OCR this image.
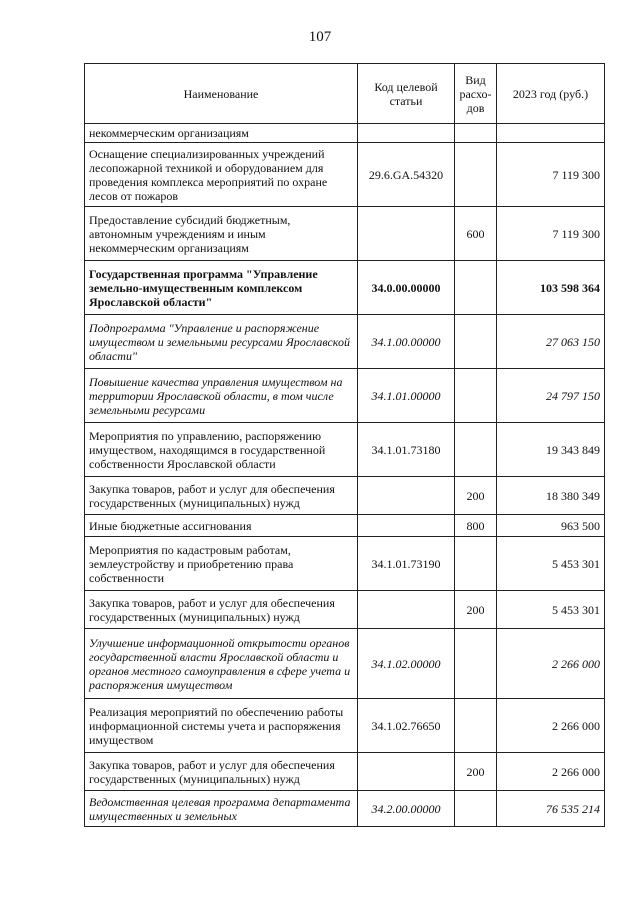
107
Наименование	Код целевой статьи	Вид расхо-дов	2023 год (руб.)
некоммерческим организациям			
Оснащение специализированных учреждений лесопожарной техникой и оборудованием для проведения комплекса мероприятий по охране лесов от пожаров	29.6.GA.54320		7 119 300
Предоставление субсидий бюджетным, автономным учреждениям и иным некоммерческим организациям		600	7 119 300
Государственная программа "Управление земельно-имущественным комплексом Ярославской области"	34.0.00.00000		103 598 364
Подпрограмма "Управление и распоряжение имуществом и земельными ресурсами Ярославской области"	34.1.00.00000		27 063 150
Повышение качества управления имуществом на территории Ярославской области, в том числе земельными ресурсами	34.1.01.00000		24 797 150
Мероприятия по управлению, распоряжению имуществом, находящимся в государственной собственности Ярославской области	34.1.01.73180		19 343 849
Закупка товаров, работ и услуг для обеспечения государственных (муниципальных) нужд		200	18 380 349
Иные бюджетные ассигнования		800	963 500
Мероприятия по кадастровым работам, землеустройству и приобретению права собственности	34.1.01.73190		5 453 301
Закупка товаров, работ и услуг для обеспечения государственных (муниципальных) нужд		200	5 453 301
Улучшение информационной открытости органов государственной власти Ярославской области и органов местного самоуправления в сфере учета и распоряжения имуществом	34.1.02.00000		2 266 000
Реализация мероприятий по обеспечению работы информационной системы учета и распоряжения имуществом	34.1.02.76650		2 266 000
Закупка товаров, работ и услуг для обеспечения государственных (муниципальных) нужд		200	2 266 000
Ведомственная целевая программа департамента имущественных и земельных	34.2.00.00000		76 535 214
